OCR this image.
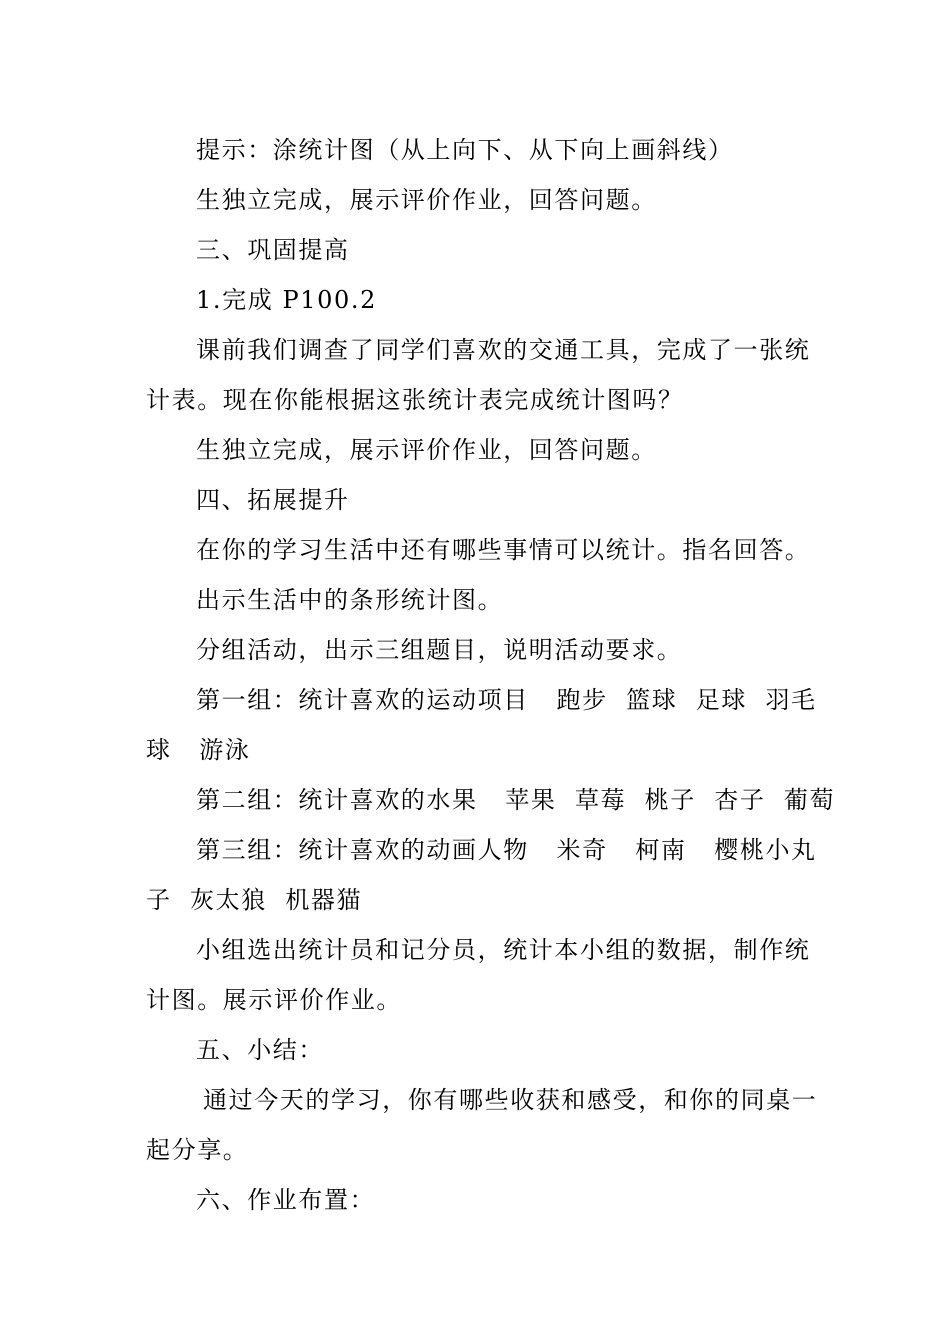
提示：涂统计图（从上向下、从下向上画斜线）
生独立完成，展示评价作业，回答问题。
三、巩固提高
1.完成 P100.2
课前我们调查了同学们喜欢的交通工具，完成了一张统
计表。现在你能根据这张统计表完成统计图吗？
生独立完成，展示评价作业，回答问题。
四、拓展提升
在你的学习生活中还有哪些事情可以统计。指名回答。
出示生活中的条形统计图。
分组活动，出示三组题目，说明活动要求。
第一组：统计喜欢的运动项目   跑步  篮球  足球  羽毛
球   游泳
第二组：统计喜欢的水果   苹果  草莓  桃子  杏子  葡萄
第三组：统计喜欢的动画人物   米奇   柯南   樱桃小丸
子  灰太狼  机器猫
小组选出统计员和记分员，统计本小组的数据，制作统
计图。展示评价作业。
五、小结：
通过今天的学习，你有哪些收获和感受，和你的同桌一
起分享。
六、作业布置：
